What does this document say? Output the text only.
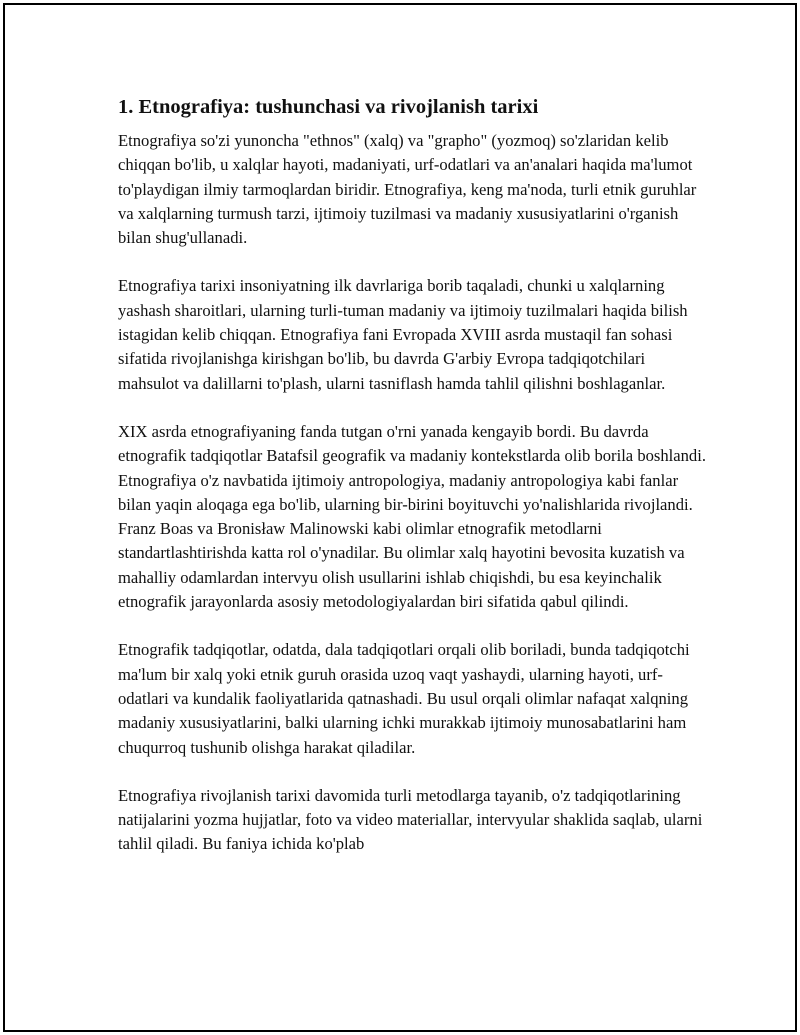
1. Etnografiya: tushunchasi va rivojlanish tarixi

Etnografiya so'zi yunoncha "ethnos" (xalq) va "grapho" (yozmoq) so'zlaridan kelib chiqqan bo'lib, u xalqlar hayoti, madaniyati, urf-odatlari va an'analari haqida ma'lumot to'playdigan ilmiy tarmoqlardan biridir. Etnografiya, keng ma'noda, turli etnik guruhlar va xalqlarning turmush tarzi, ijtimoiy tuzilmasi va madaniy xususiyatlarini o'rganish bilan shug'ullanadi.

Etnografiya tarixi insoniyatning ilk davrlariga borib taqaladi, chunki u xalqlarning yashash sharoitlari, ularning turli-tuman madaniy va ijtimoiy tuzilmalari haqida bilish istagidan kelib chiqqan. Etnografiya fani Evropada XVIII asrda mustaqil fan sohasi sifatida rivojlanishga kirishgan bo'lib, bu davrda G'arbiy Evropa tadqiqotchilari mahsulot va dalillarni to'plash, ularni tasniflash hamda tahlil qilishni boshlaganlar.

XIX asrda etnografiyaning fanda tutgan o'rni yanada kengayib bordi. Bu davrda etnografik tadqiqotlar Batafsil geografik va madaniy kontekstlarda olib borila boshlandi. Etnografiya o'z navbatida ijtimoiy antropologiya, madaniy antropologiya kabi fanlar bilan yaqin aloqaga ega bo'lib, ularning bir-birini boyituvchi yo'nalishlarida rivojlandi. Franz Boas va Bronisław Malinowski kabi olimlar etnografik metodlarni standartlashtirishda katta rol o'ynadilar. Bu olimlar xalq hayotini bevosita kuzatish va mahalliy odamlardan intervyu olish usullarini ishlab chiqishdi, bu esa keyinchalik etnografik jarayonlarda asosiy metodologiyalardan biri sifatida qabul qilindi.

Etnografik tadqiqotlar, odatda, dala tadqiqotlari orqali olib boriladi, bunda tadqiqotchi ma'lum bir xalq yoki etnik guruh orasida uzoq vaqt yashaydi, ularning hayoti, urf-odatlari va kundalik faoliyatlarida qatnashadi. Bu usul orqali olimlar nafaqat xalqning madaniy xususiyatlarini, balki ularning ichki murakkab ijtimoiy munosabatlarini ham chuqurroq tushunib olishga harakat qiladilar.

Etnografiya rivojlanish tarixi davomida turli metodlarga tayanib, o'z tadqiqotlarining natijalarini yozma hujjatlar, foto va video materiallar, intervyular shaklida saqlab, ularni tahlil qiladi. Bu faniya ichida ko'plab
